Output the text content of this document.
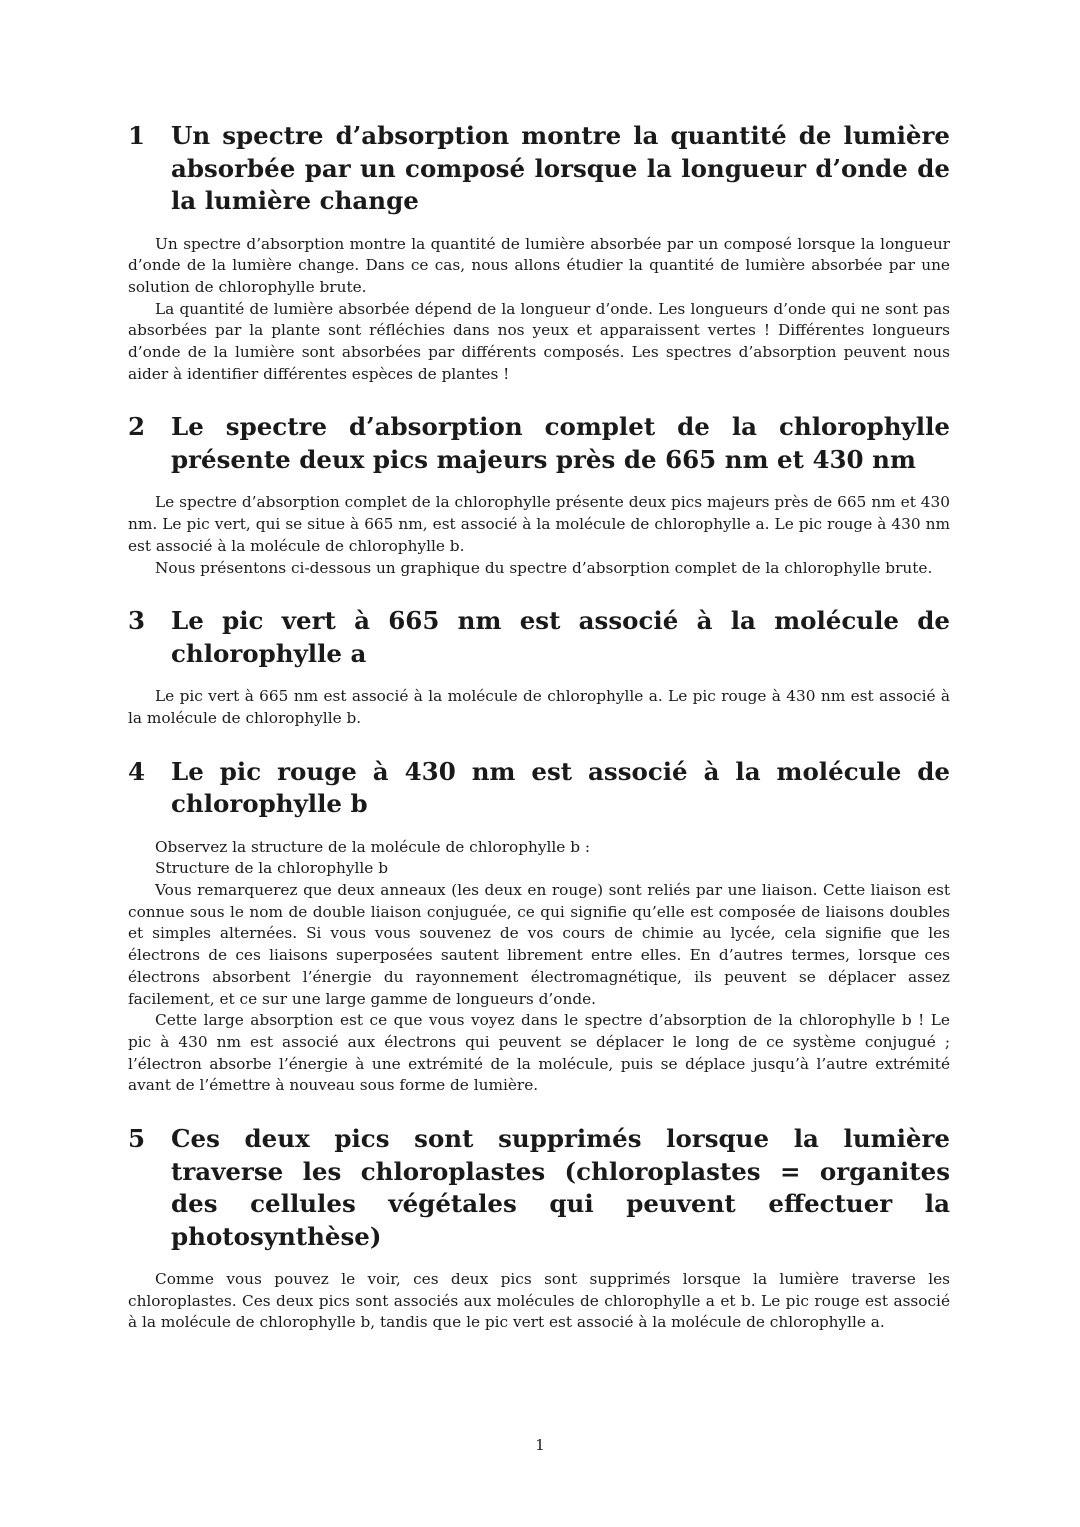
1	Un spectre d’absorption montre la quantité de lumière absorbée par un composé lorsque la longueur d’onde de la lumière change

Un spectre d’absorption montre la quantité de lumière absorbée par un composé lorsque la longueur d’onde de la lumière change. Dans ce cas, nous allons étudier la quantité de lumière absorbée par une solution de chlorophylle brute.

La quantité de lumière absorbée dépend de la longueur d’onde. Les longueurs d’onde qui ne sont pas absorbées par la plante sont réfléchies dans nos yeux et apparaissent vertes ! Différentes longueurs d’onde de la lumière sont absorbées par différents composés. Les spectres d’absorption peuvent nous aider à identifier différentes espèces de plantes !

2	Le spectre d’absorption complet de la chlorophylle présente deux pics majeurs près de 665 nm et 430 nm

Le spectre d’absorption complet de la chlorophylle présente deux pics majeurs près de 665 nm et 430 nm. Le pic vert, qui se situe à 665 nm, est associé à la molécule de chlorophylle a. Le pic rouge à 430 nm est associé à la molécule de chlorophylle b.

Nous présentons ci-dessous un graphique du spectre d’absorption complet de la chlorophylle brute.

3	Le pic vert à 665 nm est associé à la molécule de chlorophylle a

Le pic vert à 665 nm est associé à la molécule de chlorophylle a. Le pic rouge à 430 nm est associé à la molécule de chlorophylle b.

4	Le pic rouge à 430 nm est associé à la molécule de chlorophylle b

Observez la structure de la molécule de chlorophylle b :

Structure de la chlorophylle b

Vous remarquerez que deux anneaux (les deux en rouge) sont reliés par une liaison. Cette liaison est connue sous le nom de double liaison conjuguée, ce qui signifie qu’elle est composée de liaisons doubles et simples alternées. Si vous vous souvenez de vos cours de chimie au lycée, cela signifie que les électrons de ces liaisons superposées sautent librement entre elles. En d’autres termes, lorsque ces électrons absorbent l’énergie du rayonnement électromagnétique, ils peuvent se déplacer assez facilement, et ce sur une large gamme de longueurs d’onde.

Cette large absorption est ce que vous voyez dans le spectre d’absorption de la chlorophylle b ! Le pic à 430 nm est associé aux électrons qui peuvent se déplacer le long de ce système conjugué ; l’électron absorbe l’énergie à une extrémité de la molécule, puis se déplace jusqu’à l’autre extrémité avant de l’émettre à nouveau sous forme de lumière.

5	Ces deux pics sont supprimés lorsque la lumière traverse les chloroplastes (chloroplastes = organites des cellules végétales qui peuvent effectuer la photosynthèse)

Comme vous pouvez le voir, ces deux pics sont supprimés lorsque la lumière traverse les chloroplastes. Ces deux pics sont associés aux molécules de chlorophylle a et b. Le pic rouge est associé à la molécule de chlorophylle b, tandis que le pic vert est associé à la molécule de chlorophylle a.

1
